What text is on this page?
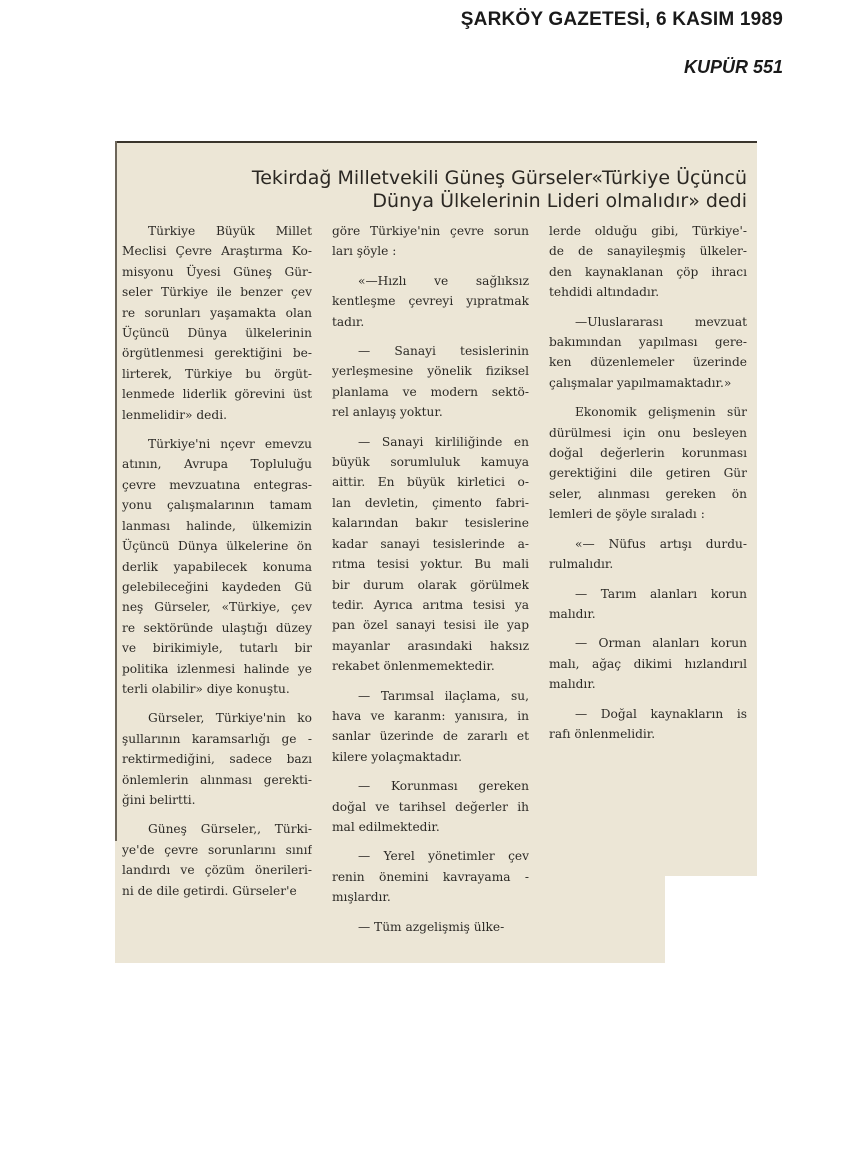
ŞARKÖY GAZETESİ, 6 KASIM 1989
KUPÜR 551
Tekirdağ Milletvekili Güneş Gürseler«Türkiye Üçüncü
Dünya Ülkelerinin Lideri olmalıdır» dedi

Türkiye Büyük Millet
Meclisi Çevre Araştırma Ko-
misyonu Üyesi Güneş Gür-
seler Türkiye ile benzer çev
re sorunları yaşamakta olan
Üçüncü Dünya ülkelerinin
örgütlenmesi gerektiğini be-
lirterek, Türkiye bu örgüt-
lenmede liderlik görevini üst
lenmelidir» dedi.

Türkiye'ni nçevr emevzu
atının, Avrupa Topluluğu
çevre mevzuatına entegras-
yonu çalışmalarının tamam
lanması halinde, ülkemizin
Üçüncü Dünya ülkelerine ön
derlik yapabilecek konuma
gelebileceğini kaydeden Gü
neş Gürseler, «Türkiye, çev
re sektöründe ulaştığı düzey
ve birikimiyle, tutarlı bir
politika izlenmesi halinde ye
terli olabilir» diye konuştu.

Gürseler, Türkiye'nin ko
şullarının karamsarlığı ge -
rektirmediğini, sadece bazı
önlemlerin alınması gerekti-
ğini belirtti.

Güneş Gürseler,, Türki-
ye'de çevre sorunlarını sınıf
landırdı ve çözüm önerileri-
ni de dile getirdi. Gürseler'e

göre Türkiye'nin çevre sorun
ları şöyle :

«—Hızlı ve sağlıksız
kentleşme çevreyi yıpratmak
tadır.

— Sanayi tesislerinin
yerleşmesine yönelik fiziksel
planlama ve modern sektö-
rel anlayış yoktur.

— Sanayi kirliliğinde en
büyük sorumluluk kamuya
aittir. En büyük kirletici o-
lan devletin, çimento fabri-
kalarından bakır tesislerine
kadar sanayi tesislerinde a-
rıtma tesisi yoktur. Bu mali
bir durum olarak görülmek
tedir. Ayrıca arıtma tesisi ya
pan özel sanayi tesisi ile yap
mayanlar arasındaki haksız
rekabet önlenmemektedir.

— Tarımsal ilaçlama, su,
hava ve karanm: yanısıra, in
sanlar üzerinde de zararlı et
kilere yolaçmaktadır.

— Korunması gereken
doğal ve tarihsel değerler ih
mal edilmektedir.

— Yerel yönetimler çev
renin önemini kavrayama -
mışlardır.

— Tüm azgelişmiş ülke-

lerde olduğu gibi, Türkiye'-
de de sanayileşmiş ülkeler-
den kaynaklanan çöp ihracı
tehdidi altındadır.

—Uluslararası mevzuat
bakımından yapılması gere-
ken düzenlemeler üzerinde
çalışmalar yapılmamaktadır.»

Ekonomik gelişmenin sür
dürülmesi için onu besleyen
doğal değerlerin korunması
gerektiğini dile getiren Gür
seler, alınması gereken ön
lemleri de şöyle sıraladı :

«— Nüfus artışı durdu-
rulmalıdır.

— Tarım alanları korun
malıdır.

— Orman alanları korun
malı, ağaç dikimi hızlandırıl
malıdır.

— Doğal kaynakların is
rafı önlenmelidir.
